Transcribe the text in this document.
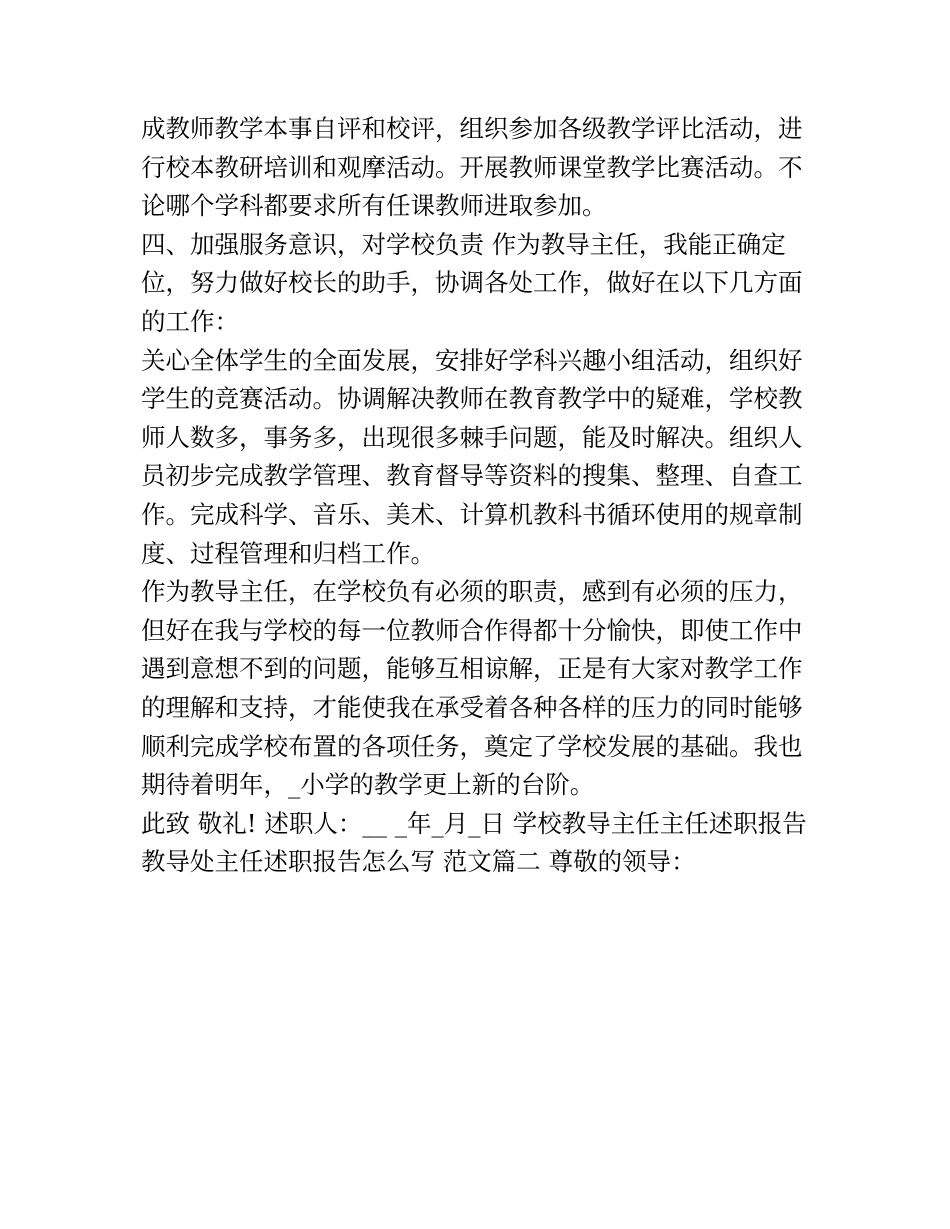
成教师教学本事自评和校评，组织参加各级教学评比活动，进
行校本教研培训和观摩活动。开展教师课堂教学比赛活动。不
论哪个学科都要求所有任课教师进取参加。
四、加强服务意识，对学校负责 作为教导主任，我能正确定
位，努力做好校长的助手，协调各处工作，做好在以下几方面
的工作：
关心全体学生的全面发展，安排好学科兴趣小组活动，组织好
学生的竞赛活动。协调解决教师在教育教学中的疑难，学校教
师人数多，事务多，出现很多棘手问题，能及时解决。组织人
员初步完成教学管理、教育督导等资料的搜集、整理、自查工
作。完成科学、音乐、美术、计算机教科书循环使用的规章制
度、过程管理和归档工作。
作为教导主任，在学校负有必须的职责，感到有必须的压力，
但好在我与学校的每一位教师合作得都十分愉快，即使工作中
遇到意想不到的问题，能够互相谅解，正是有大家对教学工作
的理解和支持，才能使我在承受着各种各样的压力的同时能够
顺利完成学校布置的各项任务，奠定了学校发展的基础。我也
期待着明年，_小学的教学更上新的台阶。
此致 敬礼! 述职人：__ _年_月_日 学校教导主任主任述职报告
教导处主任述职报告怎么写 范文篇二 尊敬的领导：
